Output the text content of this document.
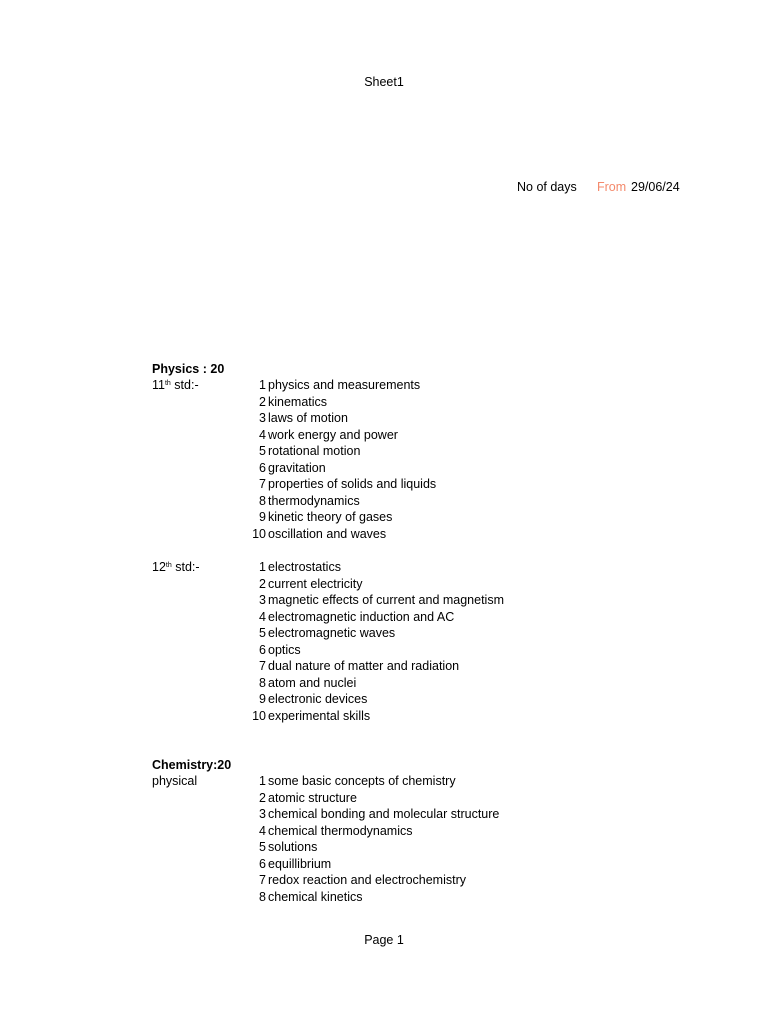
Sheet1
No of days From 29/06/24
Physics : 20
11th std:-	1 physics and measurements
2 kinematics
3 laws of motion
4 work energy and power
5 rotational motion
6 gravitation
7 properties of solids and liquids
8 thermodynamics
9 kinetic theory of gases
10 oscillation and waves
12th std:-	1 electrostatics
2 current electricity
3 magnetic effects of current and magnetism
4 electromagnetic induction and AC
5 electromagnetic waves
6 optics
7 dual nature of matter and radiation
8 atom and nuclei
9 electronic devices
10 experimental skills
Chemistry:20
physical	1 some basic concepts of chemistry
2 atomic structure
3 chemical bonding and molecular structure
4 chemical thermodynamics
5 solutions
6 equillibrium
7 redox reaction and electrochemistry
8 chemical kinetics
Page 1
